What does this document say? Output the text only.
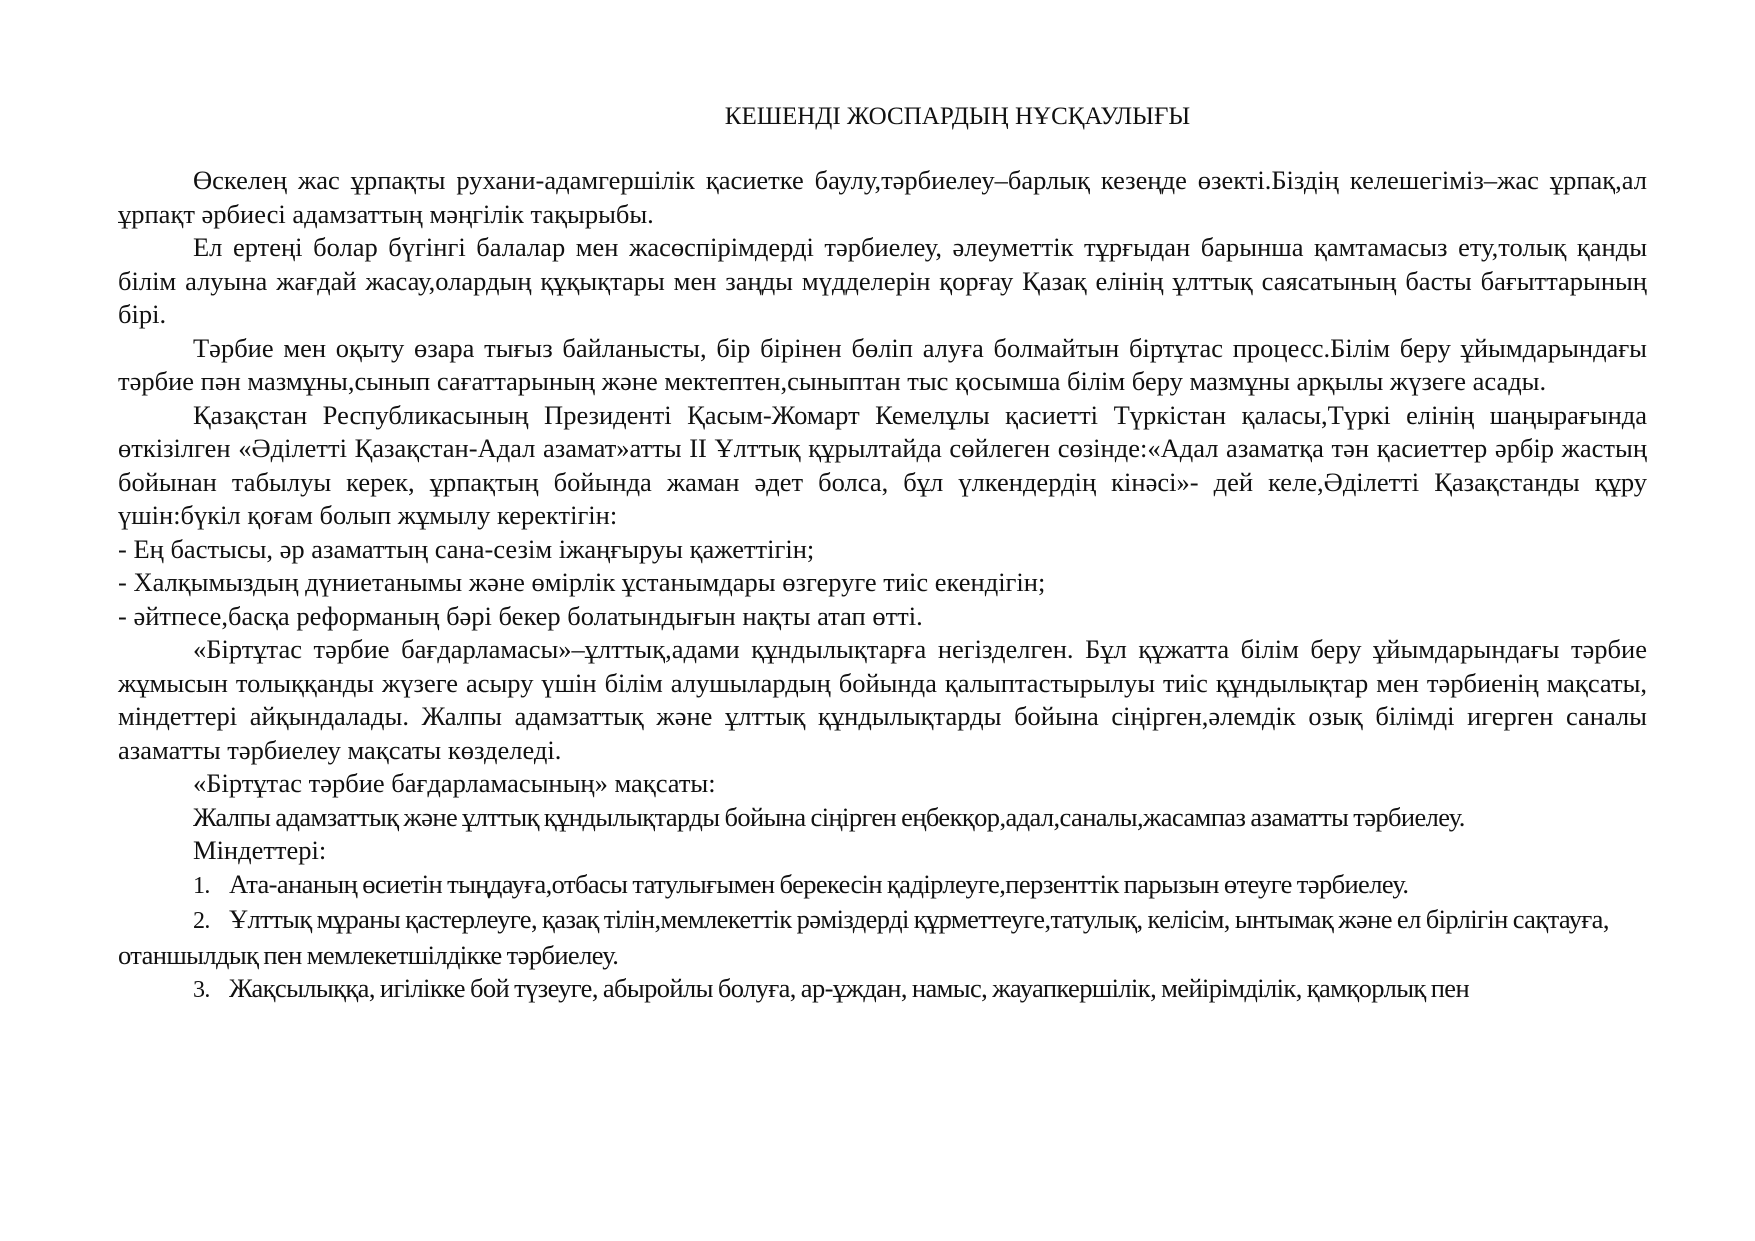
КЕШЕНДІ ЖОСПАРДЫҢ НҰСҚАУЛЫҒЫ

Өскелең жас ұрпақты рухани-адамгершілік қасиетке баулу,тәрбиелеу–барлық кезеңде өзекті.Біздің келешегіміз–жас ұрпақ,ал ұрпақт әрбиесі адамзаттың мәңгілік тақырыбы.

Ел ертеңі болар бүгінгі балалар мен жасөспірімдерді тәрбиелеу, әлеуметтік тұрғыдан барынша қамтамасыз ету,толық қанды білім алуына жағдай жасау,олардың құқықтары мен заңды мүдделерін қорғау Қазақ елінің ұлттық саясатының басты бағыттарының бірі.

Тәрбие мен оқыту өзара тығыз байланысты, бір бірінен бөліп алуға болмайтын біртұтас процесс.Білім беру ұйымдарындағы тәрбие пән мазмұны,сынып сағаттарының және мектептен,сыныптан тыс қосымша білім беру мазмұны арқылы жүзеге асады.

Қазақстан Республикасының Президенті Қасым-Жомарт Кемелұлы қасиетті Түркістан қаласы,Түркі елінің шаңырағында өткізілген «Әділетті Қазақстан-Адал азамат»атты ІІ Ұлттық құрылтайда сөйлеген сөзінде:«Адал азаматқа тән қасиеттер әрбір жастың бойынан табылуы керек, ұрпақтың бойында жаман әдет болса, бұл үлкендердің кінәсі»- дей келе,Әділетті Қазақстанды құру үшін:бүкіл қоғам болып жұмылу керектігін:

- Ең бастысы, әр азаматтың сана-сезім іжаңғыруы қажеттігін;

- Халқымыздың дүниетанымы және өмірлік ұстанымдары өзгеруге тиіс екендігін;

- әйтпесе,басқа реформаның бәрі бекер болатындығын нақты атап өтті.

«Біртұтас тәрбие бағдарламасы»–ұлттық,адами құндылықтарға негізделген. Бұл құжатта білім беру ұйымдарындағы тәрбие жұмысын толыққанды жүзеге асыру үшін білім алушылардың бойында қалыптастырылуы тиіс құндылықтар мен тәрбиенің мақсаты, міндеттері айқындалады. Жалпы адамзаттық және ұлттық құндылықтарды бойына сіңірген,әлемдік озық білімді игерген саналы азаматты тәрбиелеу мақсаты көзделеді.

«Біртұтас тәрбие бағдарламасының» мақсаты:

Жалпы адамзаттық және ұлттық құндылықтарды бойына сіңірген еңбекқор,адал,саналы,жасампаз азаматты тәрбиелеу.

Міндеттері:

1. Ата-ананың өсиетін тыңдауға,отбасы татулығымен берекесін қадірлеуге,перзенттік парызын өтеуге тәрбиелеу.

2. Ұлттық мұраны қастерлеуге, қазақ тілін,мемлекеттік рәміздерді құрметтеуге,татулық, келісім, ынтымақ және ел бірлігін сақтауға, отаншылдық пен мемлекетшілдікке тәрбиелеу.

3. Жақсылыққа, игілікке бой түзеуге, абыройлы болуға, ар-ұждан, намыс, жауапкершілік, мейірімділік, қамқорлық пен
